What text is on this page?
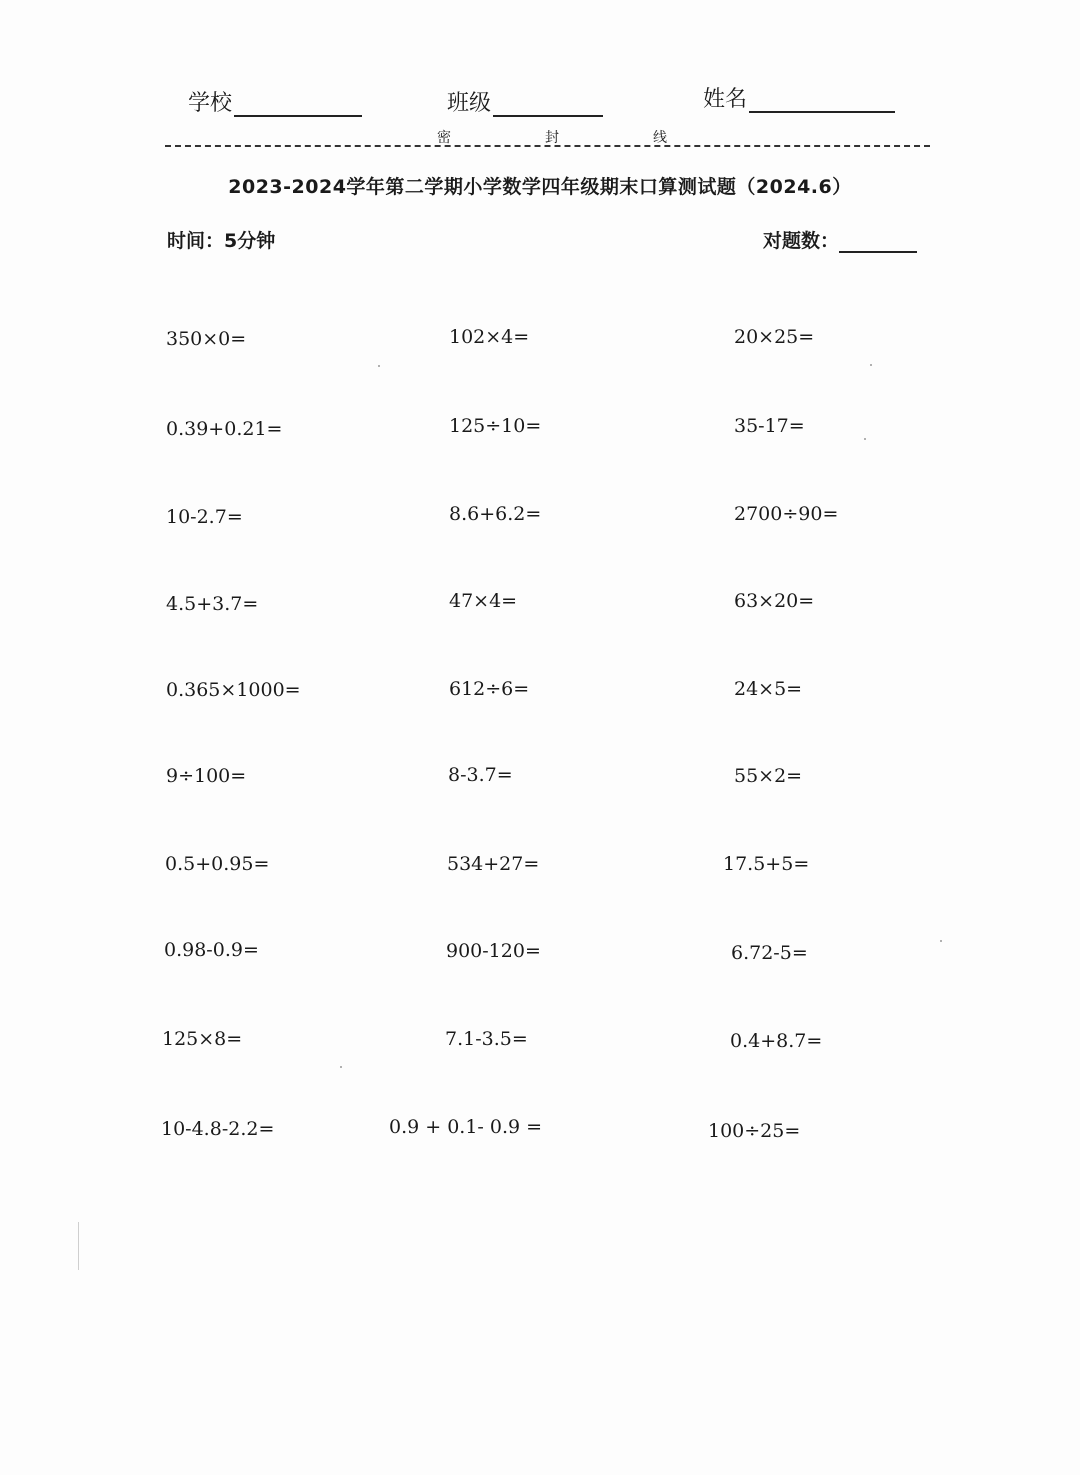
学校	班级	姓名
密	封	线
2023-2024学年第二学期小学数学四年级期末口算测试题（2024.6）
时间：5分钟	对题数：
350×0=	102×4=	20×25=
0.39+0.21=	125÷10=	35-17=
10-2.7=	8.6+6.2=	2700÷90=
4.5+3.7=	47×4=	63×20=
0.365×1000=	612÷6=	24×5=
9÷100=	8-3.7=	55×2=
0.5+0.95=	534+27=	17.5+5=
0.98-0.9=	900-120=	6.72-5=
125×8=	7.1-3.5=	0.4+8.7=
10-4.8-2.2=	0.9 + 0.1- 0.9 =	100÷25=
